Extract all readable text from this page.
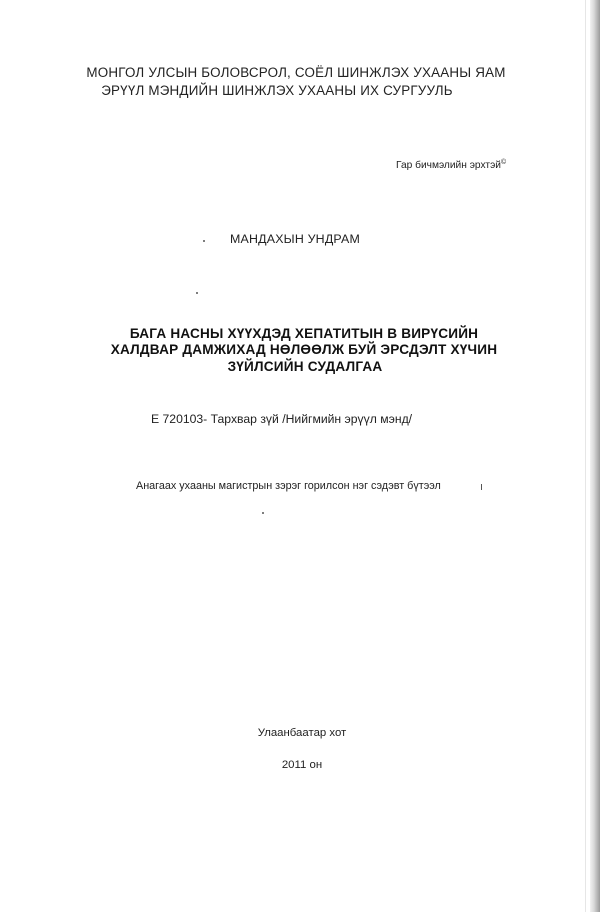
МОНГОЛ УЛСЫН БОЛОВСРОЛ, СОЁЛ ШИНЖЛЭХ УХААНЫ ЯАМ
ЭРҮҮЛ МЭНДИЙН ШИНЖЛЭХ УХААНЫ ИХ СУРГУУЛЬ
Гар бичмэлийн эрхтэй©
МАНДАХЫН УНДРАМ
БАГА НАСНЫ ХҮҮХДЭД ХЕПАТИТЫН В ВИРҮСИЙН
ХАЛДВАР ДАМЖИХАД НӨЛӨӨЛЖ БУЙ ЭРСДЭЛТ ХҮЧИН
ЗҮЙЛСИЙН СУДАЛГАА
Е 720103- Тархвар зүй /Нийгмийн эрүүл мэнд/
Анагаах ухааны магистрын зэрэг горилсон нэг сэдэвт бүтээл
Улаанбаатар хот
2011 он
